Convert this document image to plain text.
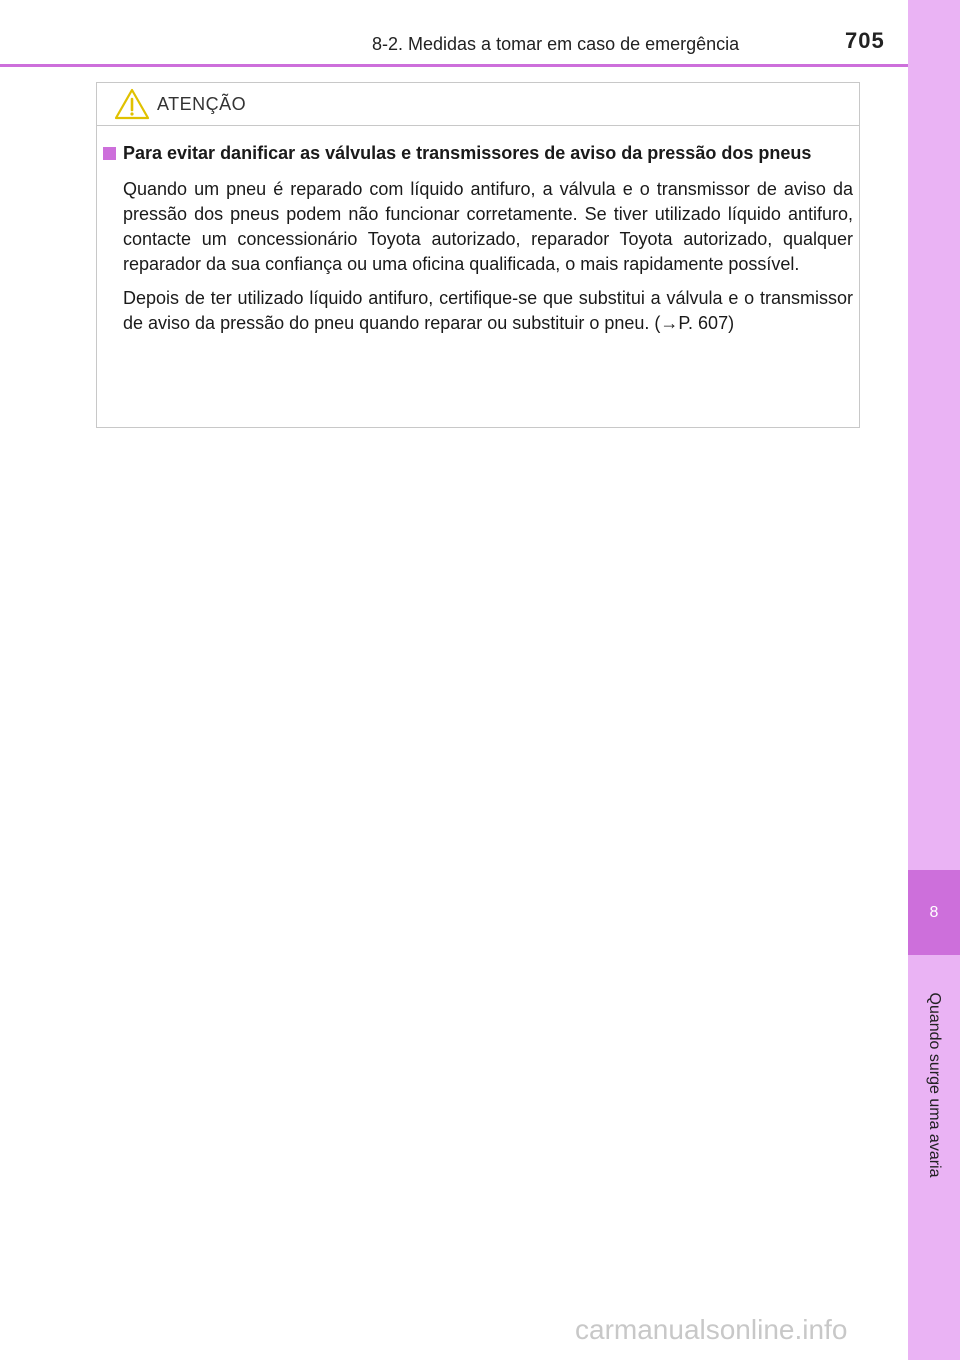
8
Quando surge uma avaria
8-2. Medidas a tomar em caso de emergência	705
ATENÇÃO
Para evitar danificar as válvulas e transmissores de aviso da pressão dos pneus
Quando um pneu é reparado com líquido antifuro, a válvula e o transmissor de aviso da pressão dos pneus podem não funcionar corretamente. Se tiver utilizado líquido antifuro, contacte um concessionário Toyota autorizado, reparador Toyota autorizado, qualquer reparador da sua confiança ou uma oficina qualificada, o mais rapidamente possível.
Depois de ter utilizado líquido antifuro, certifique-se que substitui a válvula e o transmissor de aviso da pressão do pneu quando reparar ou substituir o pneu. (→P. 607)
carmanualsonline.info
